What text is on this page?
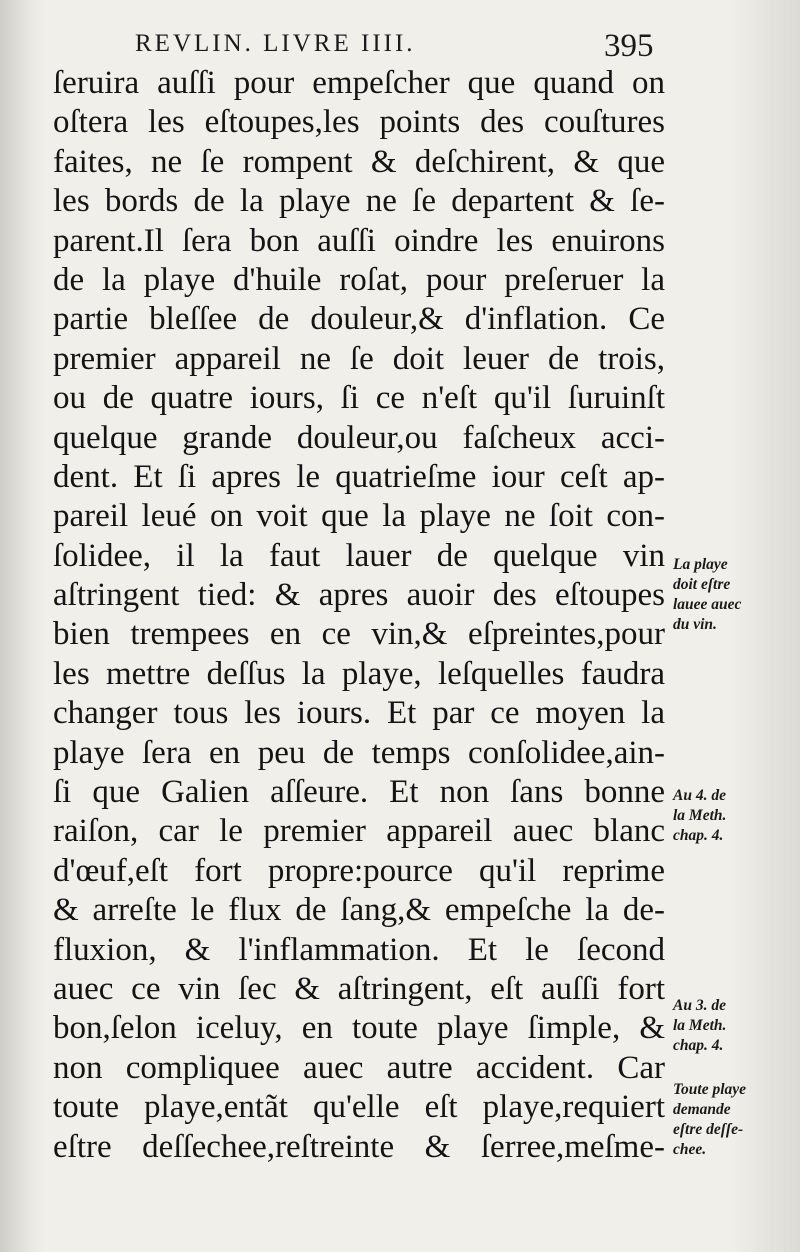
REVLIN. LIVRE IIII.	395
ſeruira auſſi pour empeſcher que quand on
oſtera les eſtoupes,les points des couſtures
faites, ne ſe rompent & deſchirent, & que
les bords de la playe ne ſe departent & ſe-
parent.Il ſera bon auſſi oindre les enuirons
de la playe d'huile roſat, pour preſeruer la
partie bleſſee de douleur,& d'inflation. Ce
premier appareil ne ſe doit leuer de trois,
ou de quatre iours, ſi ce n'eſt qu'il ſuruinſt
quelque grande douleur,ou faſcheux acci-
dent. Et ſi apres le quatrieſme iour ceſt ap-
pareil leué on voit que la playe ne ſoit con-
ſolidee, il la faut lauer de quelque vin
aſtringent tied: & apres auoir des eſtoupes
bien trempees en ce vin,& eſpreintes,pour
les mettre deſſus la playe, leſquelles faudra
changer tous les iours. Et par ce moyen la
playe ſera en peu de temps conſolidee,ain-
ſi que Galien aſſeure. Et non ſans bonne
raiſon, car le premier appareil auec blanc
d'œuf,eſt fort propre:pource qu'il reprime
& arreſte le flux de ſang,& empeſche la de-
fluxion, & l'inflammation. Et le ſecond
auec ce vin ſec & aſtringent, eſt auſſi fort
bon,ſelon iceluy, en toute playe ſimple, &
non compliquee auec autre accident. Car
toute playe,entãt qu'elle eſt playe,requiert
eſtre deſſechee,reſtreinte & ſerree,meſme-
La playe
doit eſtre
lauee auec
du vin.
Au 4. de
la Meth.
chap. 4.
Au 3. de
la Meth.
chap. 4.
Toute playe
demande
eſtre deſſe-
chee.
